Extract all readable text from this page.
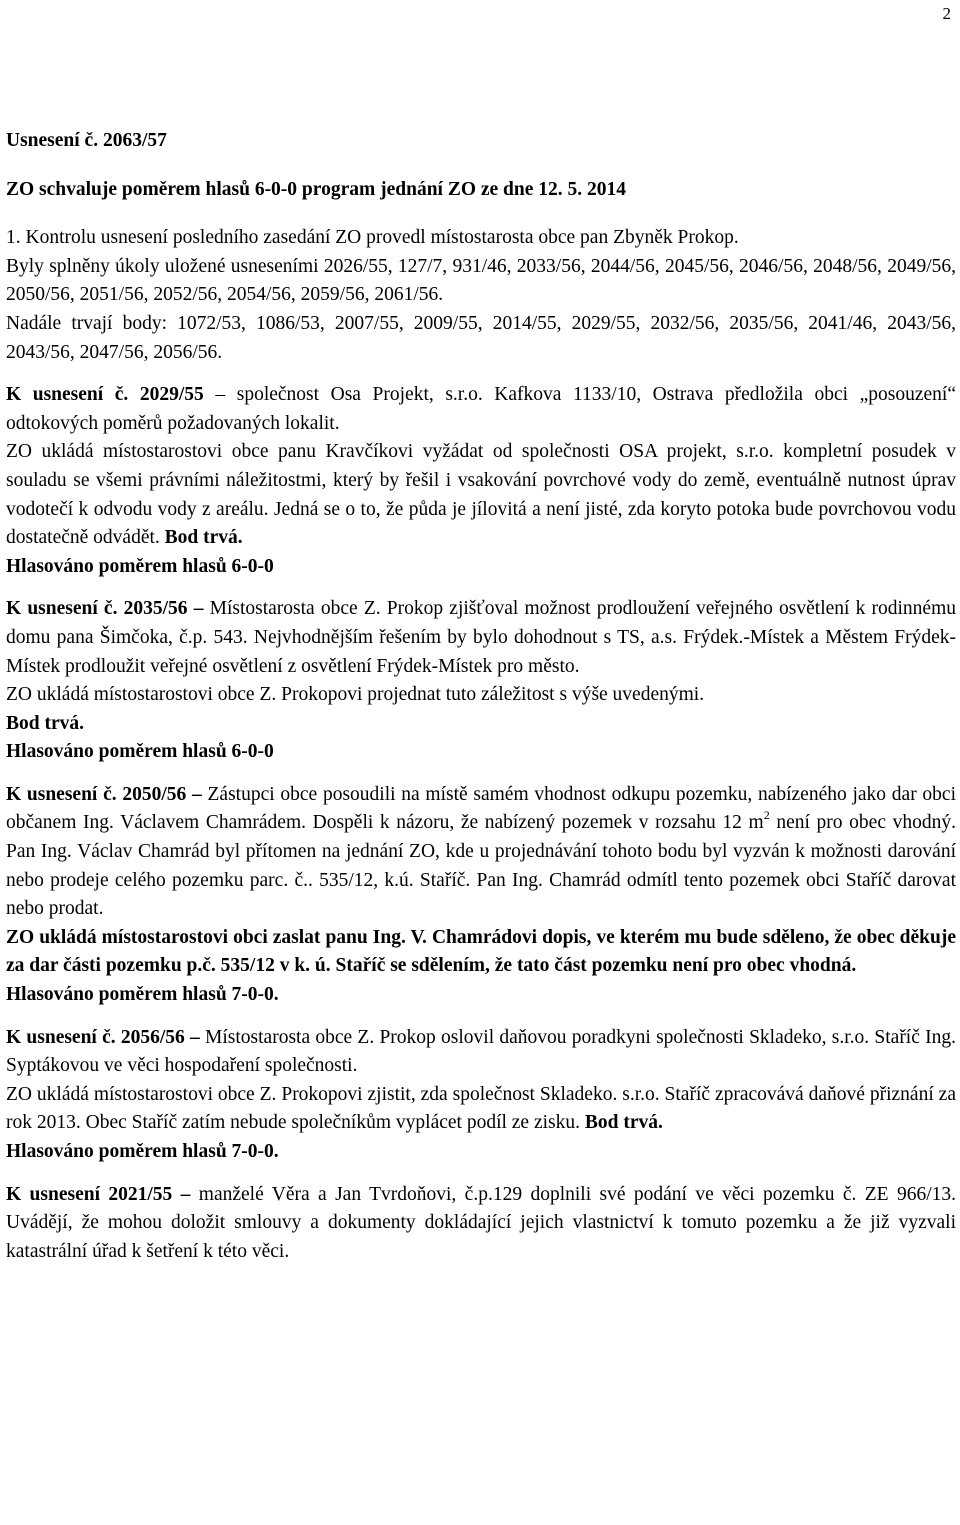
2

Usnesení č. 2063/57

ZO schvaluje poměrem hlasů 6-0-0 program jednání ZO ze dne 12. 5. 2014

1. Kontrolu usnesení posledního zasedání ZO provedl místostarosta obce pan Zbyněk Prokop.

Byly splněny úkoly uložené usneseními 2026/55, 127/7, 931/46, 2033/56, 2044/56, 2045/56, 2046/56, 2048/56, 2049/56, 2050/56, 2051/56, 2052/56, 2054/56, 2059/56, 2061/56.

Nadále trvají body: 1072/53, 1086/53, 2007/55, 2009/55, 2014/55, 2029/55, 2032/56, 2035/56, 2041/46, 2043/56, 2043/56, 2047/56, 2056/56.

K usnesení č. 2029/55 – společnost Osa Projekt, s.r.o. Kafkova 1133/10, Ostrava předložila obci „posouzení“ odtokových poměrů požadovaných lokalit.

ZO ukládá místostarostovi obce panu Kravčíkovi vyžádat od společnosti OSA projekt, s.r.o. kompletní posudek v souladu se všemi právními náležitostmi, který by řešil i vsakování povrchové vody do země, eventuálně nutnost úprav vodotečí k odvodu vody z areálu. Jedná se o to, že půda je jílovitá a není jisté, zda koryto potoka bude povrchovou vodu dostatečně odvádět. Bod trvá.

Hlasováno poměrem hlasů 6-0-0

K usnesení č. 2035/56 – Místostarosta obce Z. Prokop zjišťoval možnost prodloužení veřejného osvětlení k rodinnému domu pana Šimčoka, č.p. 543. Nejvhodnějším řešením by bylo dohodnout s TS, a.s. Frýdek.-Místek a Městem Frýdek-Místek prodloužit veřejné osvětlení z osvětlení Frýdek-Místek pro město.

ZO ukládá místostarostovi obce Z. Prokopovi projednat tuto záležitost s výše uvedenými.

Bod trvá.

Hlasováno poměrem hlasů 6-0-0

K usnesení č. 2050/56 – Zástupci obce posoudili na místě samém vhodnost odkupu pozemku, nabízeného jako dar obci občanem Ing. Václavem Chamrádem. Dospěli k názoru, že nabízený pozemek v rozsahu 12 $m^2$ není pro obec vhodný. Pan Ing. Václav Chamrád byl přítomen na jednání ZO, kde u projednávání tohoto bodu byl vyzván k možnosti darování nebo prodeje celého pozemku parc. č.. 535/12, k.ú. Staříč. Pan Ing. Chamrád odmítl tento pozemek obci Staříč darovat nebo prodat.

ZO ukládá místostarostovi obci zaslat panu Ing. V. Chamrádovi dopis, ve kterém mu bude sděleno, že obec děkuje za dar části pozemku p.č. 535/12 v k. ú. Staříč se sdělením, že tato část pozemku není pro obec vhodná.

Hlasováno poměrem hlasů 7-0-0.

K usnesení č. 2056/56 – Místostarosta obce Z. Prokop oslovil daňovou poradkyni společnosti Skladeko, s.r.o. Staříč Ing. Syptákovou ve věci hospodaření společnosti.

ZO ukládá místostarostovi obce Z. Prokopovi zjistit, zda společnost Skladeko. s.r.o. Staříč zpracovává daňové přiznání za rok 2013. Obec Staříč zatím nebude společníkům vyplácet podíl ze zisku. Bod trvá.

Hlasováno poměrem hlasů 7-0-0.

K usnesení 2021/55 – manželé Věra a Jan Tvrdoňovi, č.p.129 doplnili své podání ve věci pozemku č. ZE 966/13. Uvádějí, že mohou doložit smlouvy a dokumenty dokládající jejich vlastnictví k tomuto pozemku a že již vyzvali katastrální úřad k šetření k této věci.
